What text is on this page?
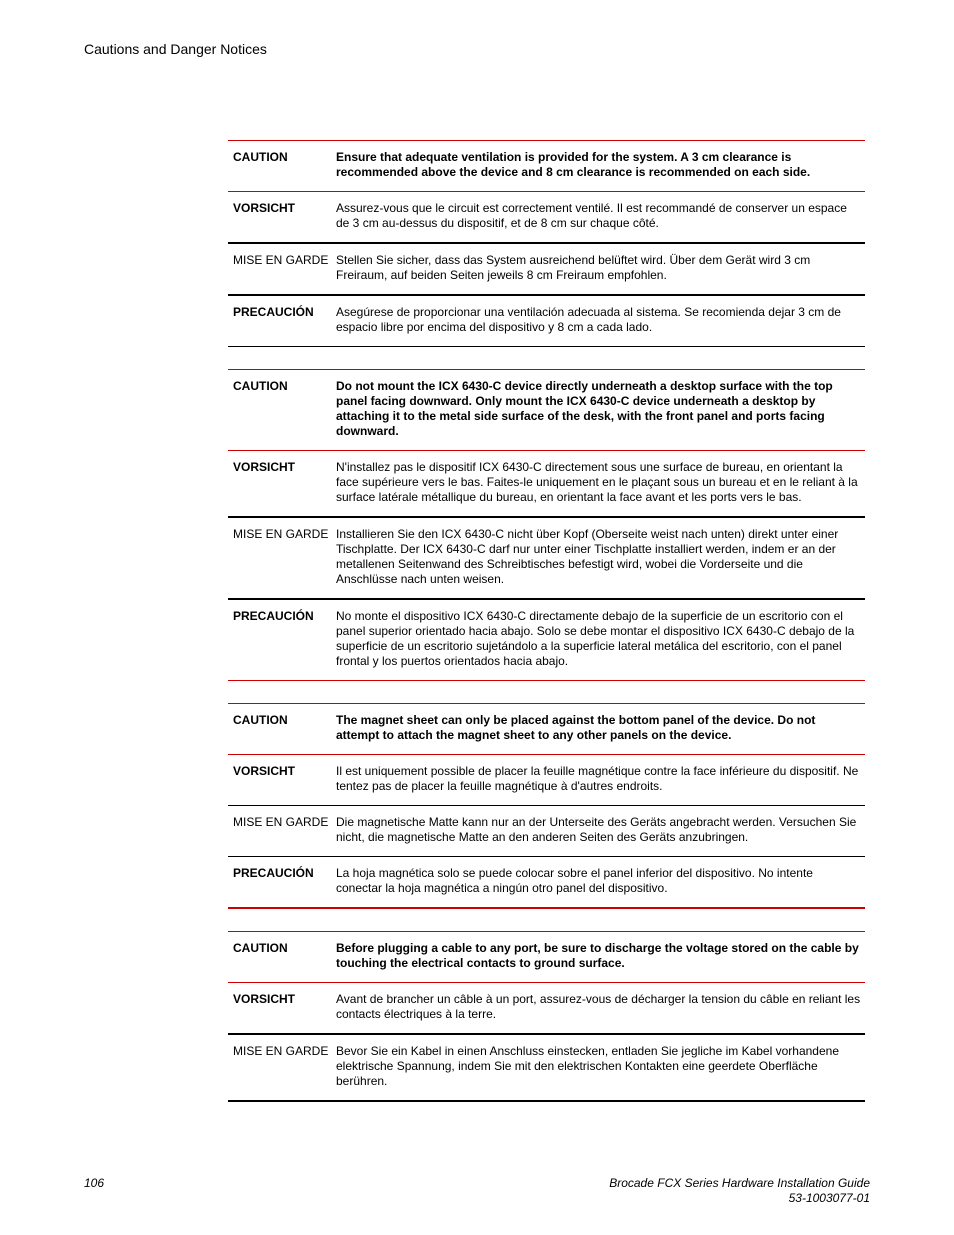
Cautions and Danger Notices
CAUTION	Ensure that adequate ventilation is provided for the system. A 3 cm clearance is recommended above the device and 8 cm clearance is recommended on each side.
VORSICHT	Assurez-vous que le circuit est correctement ventilé. Il est recommandé de conserver un espace de 3 cm au-dessus du dispositif, et de 8 cm sur chaque côté.
MISE EN GARDE Stellen Sie sicher, dass das System ausreichend belüftet wird. Über dem Gerät wird 3 cm Freiraum, auf beiden Seiten jeweils 8 cm Freiraum empfohlen.
PRECAUCIÓN	Asegúrese de proporcionar una ventilación adecuada al sistema. Se recomienda dejar 3 cm de espacio libre por encima del dispositivo y 8 cm a cada lado.
CAUTION	Do not mount the ICX 6430-C device directly underneath a desktop surface with the top panel facing downward. Only mount the ICX 6430-C device underneath a desktop by attaching it to the metal side surface of the desk, with the front panel and ports facing downward.
VORSICHT	N'installez pas le dispositif ICX 6430-C directement sous une surface de bureau, en orientant la face supérieure vers le bas. Faites-le uniquement en le plaçant sous un bureau et en le reliant à la surface latérale métallique du bureau, en orientant la face avant et les ports vers le bas.
MISE EN GARDE Installieren Sie den ICX 6430-C nicht über Kopf (Oberseite weist nach unten) direkt unter einer Tischplatte. Der ICX 6430-C darf nur unter einer Tischplatte installiert werden, indem er an der metallenen Seitenwand des Schreibtisches befestigt wird, wobei die Vorderseite und die Anschlüsse nach unten weisen.
PRECAUCIÓN	No monte el dispositivo ICX 6430-C directamente debajo de la superficie de un escritorio con el panel superior orientado hacia abajo. Solo se debe montar el dispositivo ICX 6430-C debajo de la superficie de un escritorio sujetándolo a la superficie lateral metálica del escritorio, con el panel frontal y los puertos orientados hacia abajo.
CAUTION	The magnet sheet can only be placed against the bottom panel of the device. Do not attempt to attach the magnet sheet to any other panels on the device.
VORSICHT	Il est uniquement possible de placer la feuille magnétique contre la face inférieure du dispositif. Ne tentez pas de placer la feuille magnétique à d'autres endroits.
MISE EN GARDE Die magnetische Matte kann nur an der Unterseite des Geräts angebracht werden. Versuchen Sie nicht, die magnetische Matte an den anderen Seiten des Geräts anzubringen.
PRECAUCIÓN	La hoja magnética solo se puede colocar sobre el panel inferior del dispositivo. No intente conectar la hoja magnética a ningún otro panel del dispositivo.
CAUTION	Before plugging a cable to any port, be sure to discharge the voltage stored on the cable by touching the electrical contacts to ground surface.
VORSICHT	Avant de brancher un câble à un port, assurez-vous de décharger la tension du câble en reliant les contacts électriques à la terre.
MISE EN GARDE Bevor Sie ein Kabel in einen Anschluss einstecken, entladen Sie jegliche im Kabel vorhandene elektrische Spannung, indem Sie mit den elektrischen Kontakten eine geerdete Oberfläche berühren.
106	Brocade FCX Series Hardware Installation Guide
53-1003077-01
